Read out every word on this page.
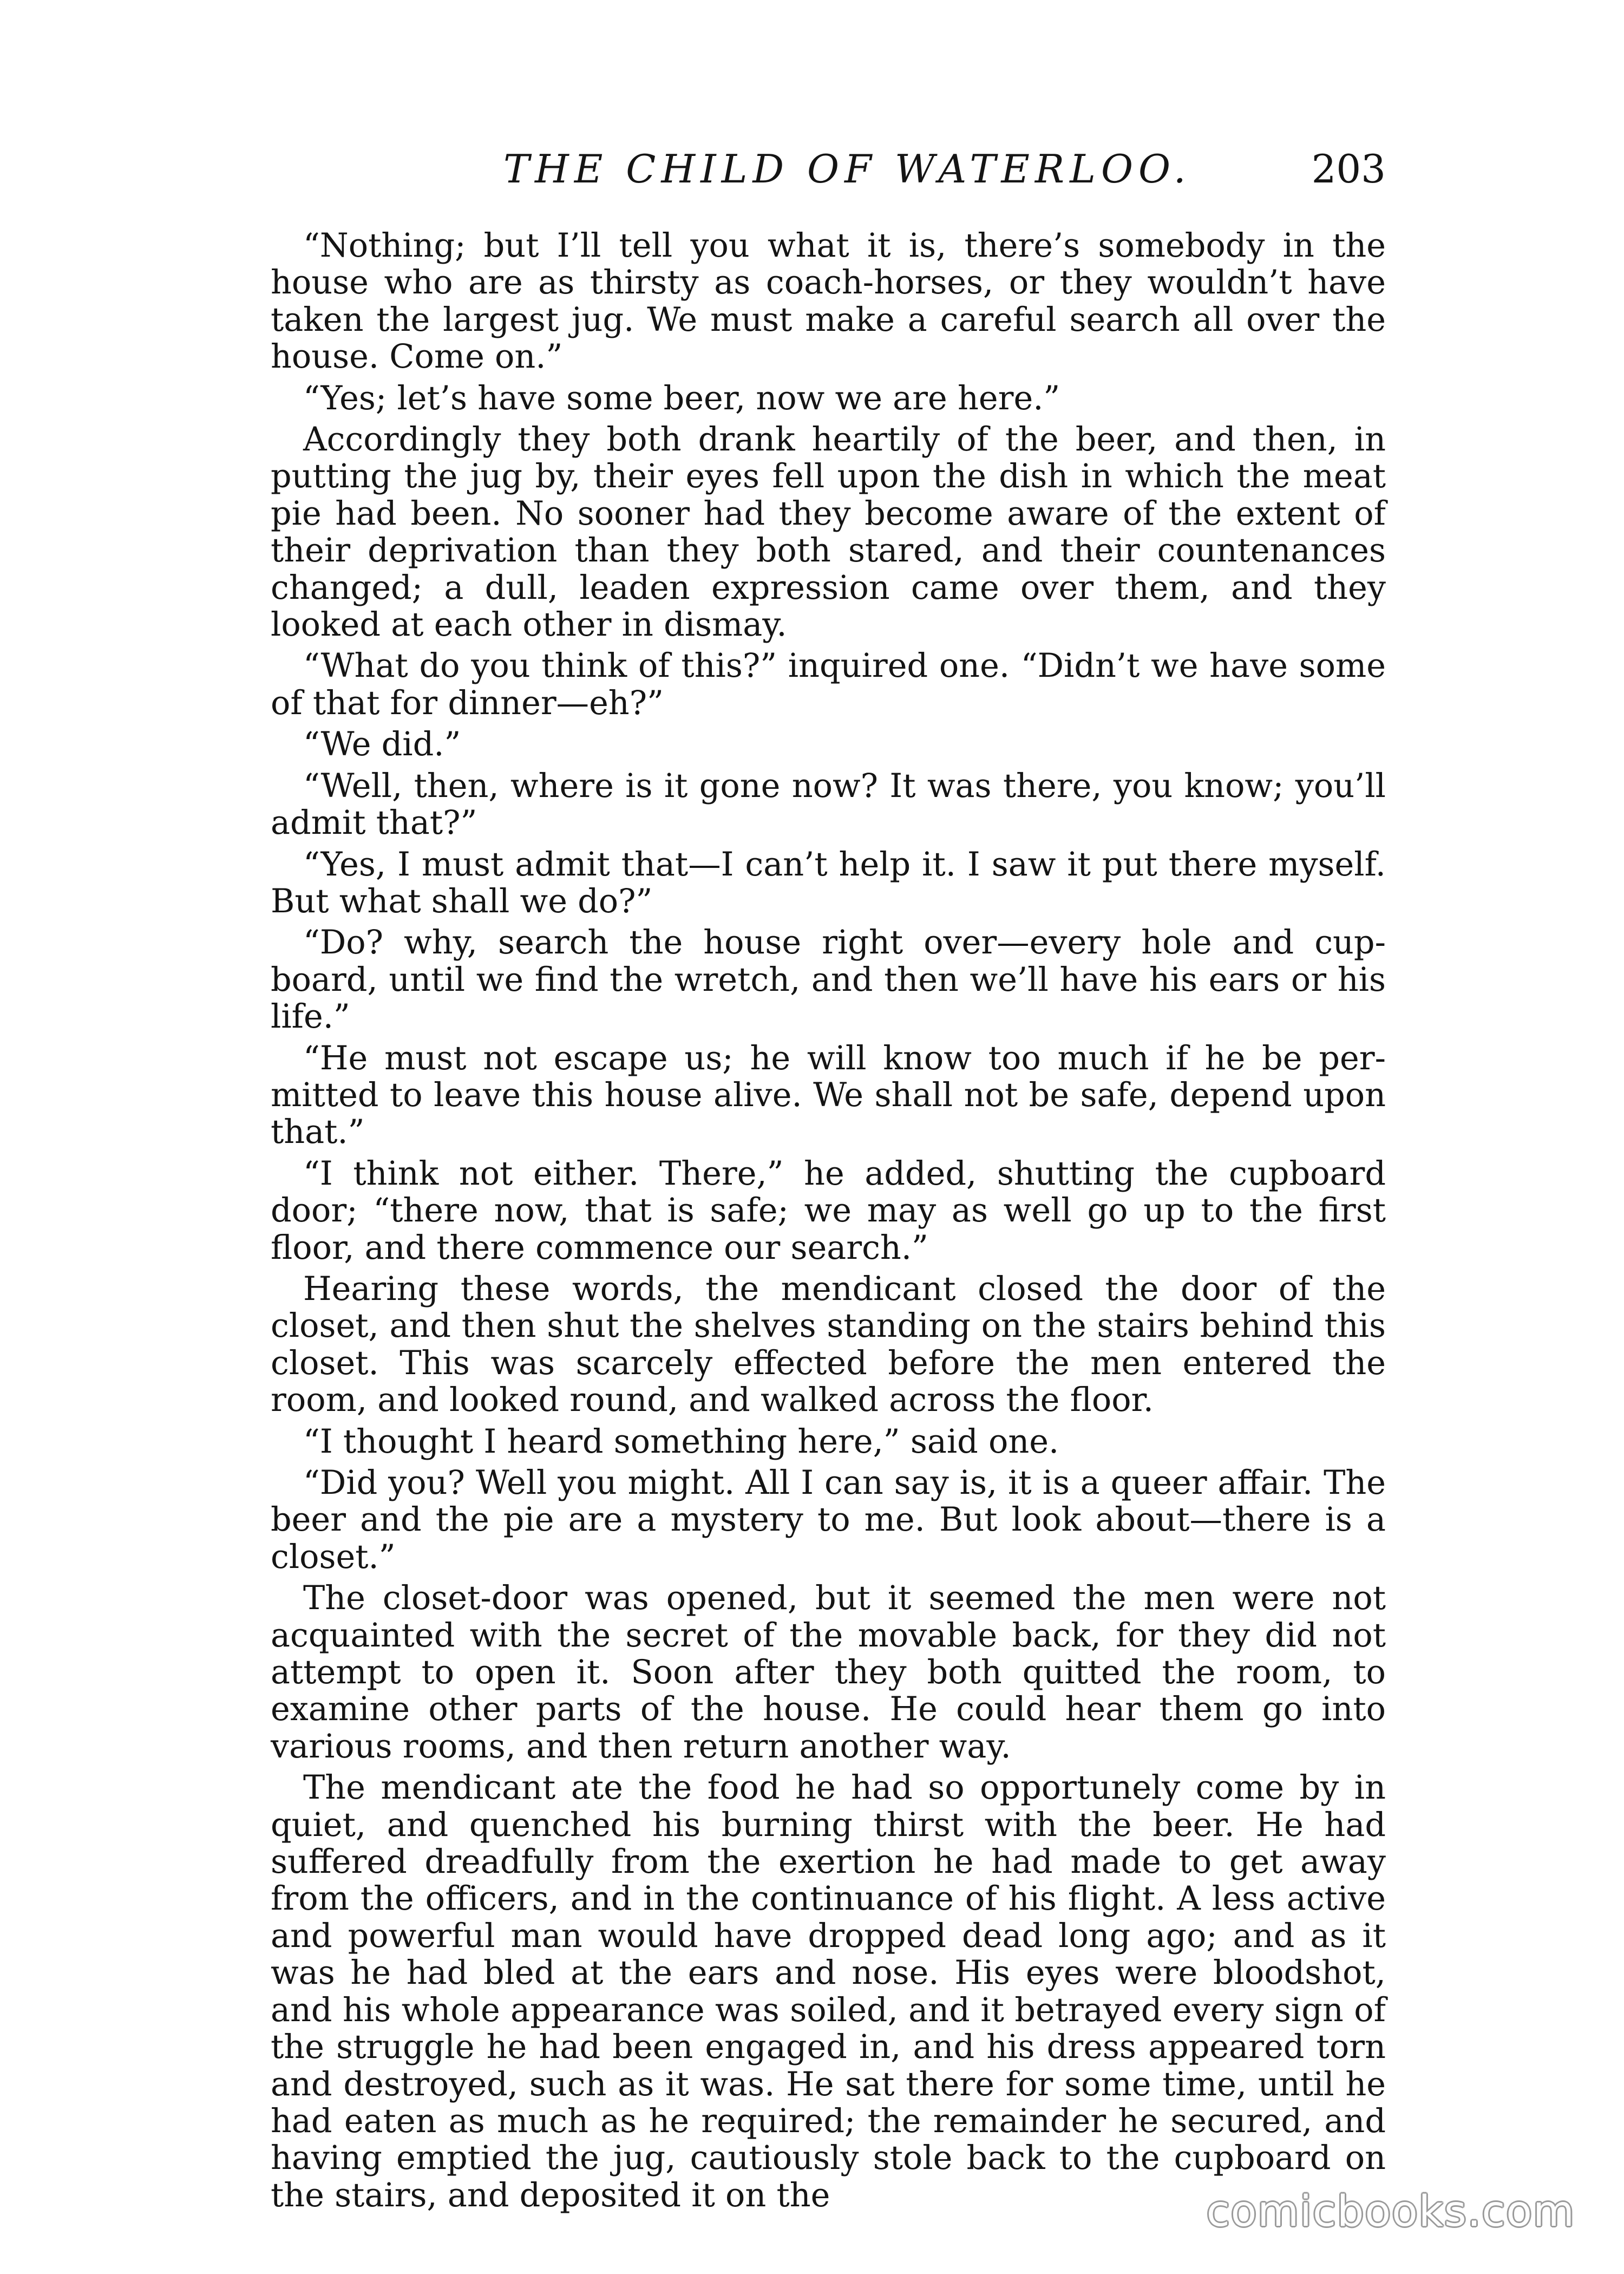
THE CHILD OF WATERLOO.	203

“Nothing; but I’ll tell you what it is, there’s somebody in the house who are as thirsty as coach-horses, or they wouldn’t have taken the largest jug. We must make a careful search all over the house. Come on.”

“Yes; let’s have some beer, now we are here.”

Accordingly they both drank heartily of the beer, and then, in putting the jug by, their eyes fell upon the dish in which the meat pie had been. No sooner had they become aware of the extent of their deprivation than they both stared, and their countenances changed; a dull, leaden expression came over them, and they looked at each other in dismay.

“What do you think of this?” inquired one. “Didn’t we have some of that for dinner—eh?”

“We did.”

“Well, then, where is it gone now? It was there, you know; you’ll admit that?”

“Yes, I must admit that—I can’t help it. I saw it put there myself. But what shall we do?”

“Do? why, search the house right over—every hole and cupboard, until we find the wretch, and then we’ll have his ears or his life.”

“He must not escape us; he will know too much if he be permitted to leave this house alive. We shall not be safe, depend upon that.”

“I think not either. There,” he added, shutting the cupboard door; “there now, that is safe; we may as well go up to the first floor, and there commence our search.”

Hearing these words, the mendicant closed the door of the closet, and then shut the shelves standing on the stairs behind this closet. This was scarcely effected before the men entered the room, and looked round, and walked across the floor.

“I thought I heard something here,” said one.

“Did you? Well you might. All I can say is, it is a queer affair. The beer and the pie are a mystery to me. But look about—there is a closet.”

The closet-door was opened, but it seemed the men were not acquainted with the secret of the movable back, for they did not attempt to open it. Soon after they both quitted the room, to examine other parts of the house. He could hear them go into various rooms, and then return another way.

The mendicant ate the food he had so opportunely come by in quiet, and quenched his burning thirst with the beer. He had suffered dreadfully from the exertion he had made to get away from the officers, and in the continuance of his flight. A less active and powerful man would have dropped dead long ago; and as it was he had bled at the ears and nose. His eyes were bloodshot, and his whole appearance was soiled, and it betrayed every sign of the struggle he had been engaged in, and his dress appeared torn and destroyed, such as it was. He sat there for some time, until he had eaten as much as he required; the remainder he secured, and having emptied the jug, cautiously stole back to the cupboard on the stairs, and deposited it on the	comicbooks.com
